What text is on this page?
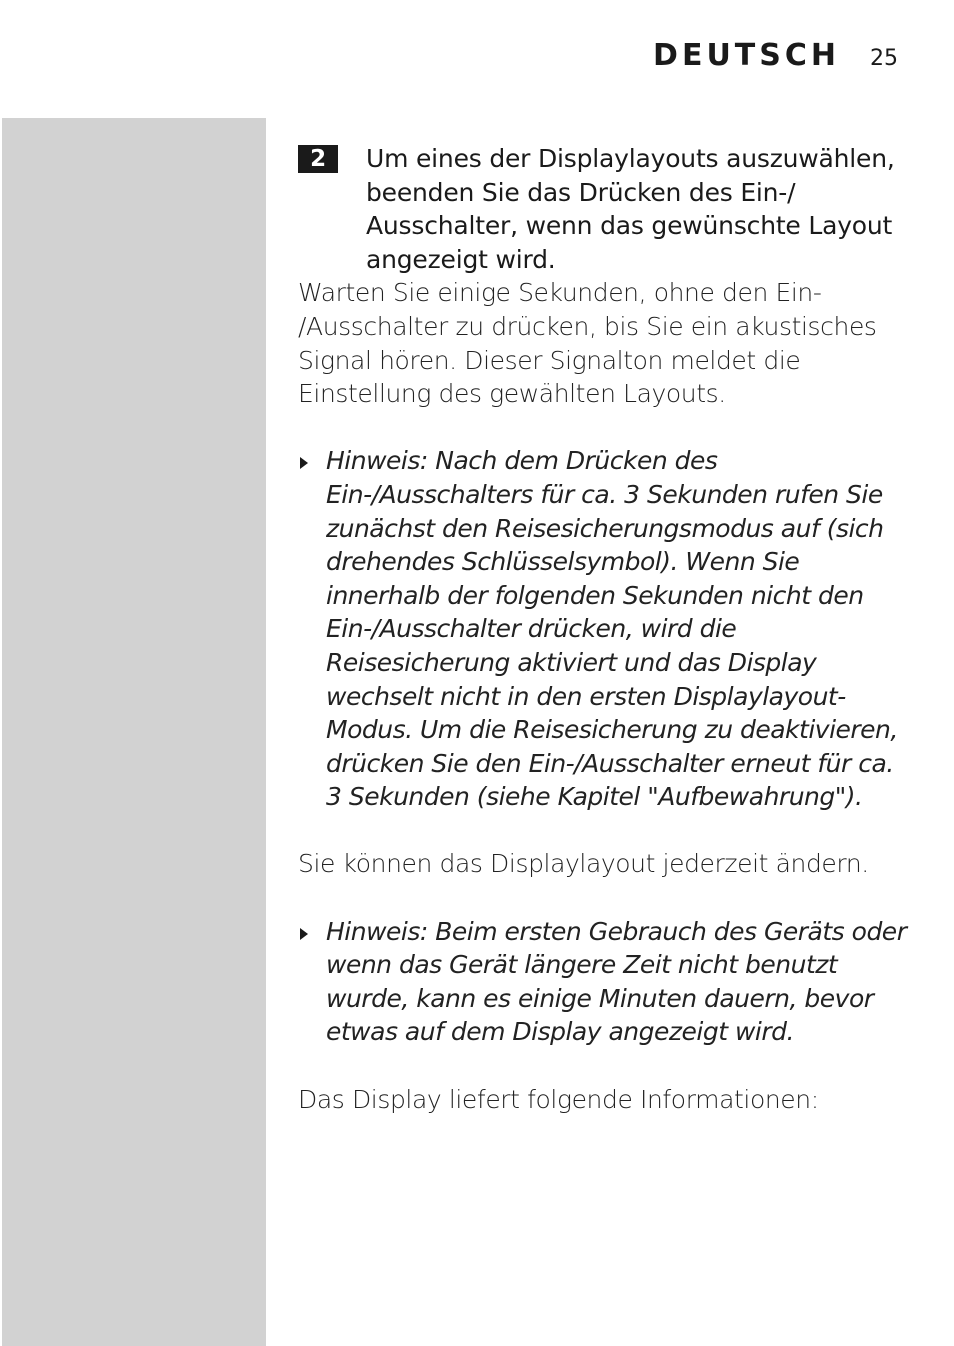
DEUTSCH 25
2	Um eines der Displaylayouts auszuwählen, beenden Sie das Drücken des Ein-/ Ausschalter, wenn das gewünschte Layout angezeigt wird.
Warten Sie einige Sekunden, ohne den Ein- /Ausschalter zu drücken, bis Sie ein akustisches Signal hören. Dieser Signalton meldet die Einstellung des gewählten Layouts.
Hinweis: Nach dem Drücken des Ein-/Ausschalters für ca. 3 Sekunden rufen Sie zunächst den Reisesicherungsmodus auf (sich drehendes Schlüsselsymbol). Wenn Sie innerhalb der folgenden Sekunden nicht den Ein-/Ausschalter drücken, wird die Reisesicherung aktiviert und das Display wechselt nicht in den ersten Displaylayout-Modus. Um die Reisesicherung zu deaktivieren, drücken Sie den Ein-/Ausschalter erneut für ca. 3 Sekunden (siehe Kapitel "Aufbewahrung").
Sie können das Displaylayout jederzeit ändern.
Hinweis: Beim ersten Gebrauch des Geräts oder wenn das Gerät längere Zeit nicht benutzt wurde, kann es einige Minuten dauern, bevor etwas auf dem Display angezeigt wird.
Das Display liefert folgende Informationen:
